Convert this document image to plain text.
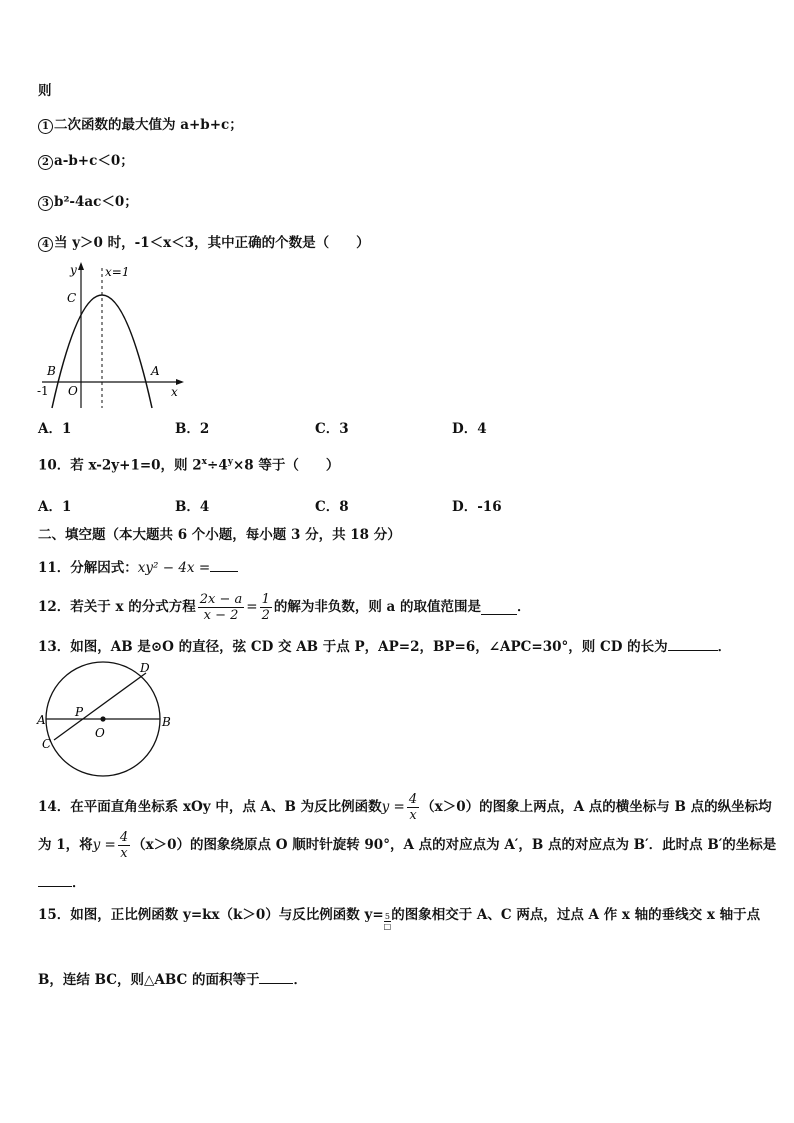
则
1 二次函数的最大值为 a+b+c；
2 a-b+c＜0；
3 b²-4ac＜0；
4 当 y＞0 时，-1＜x＜3，其中正确的个数是（　　）
y x=1
C
B	A
O
-1	x
A．1	B．2	C．3	D．4
10．若 x-2y+1=0，则 $2^x\div 4^y\times 8$ 等于（　　）
A．1	B．4	C．8	D．-16
二、填空题（本大题共 6 个小题，每小题 3 分，共 18 分）
11．分解因式：xy² − 4x =
12．若关于 x 的分式方程 $\frac{2x - a}{x - 2} = \frac{1}{2}$ 的解为非负数，则 a 的取值范围是	．
13．如图，AB 是⊙O 的直径，弦 CD 交 AB 于点 P，AP=2，BP=6，∠APC=30°，则 CD 的长为	．
A	B
C
D
P
O
14．在平面直角坐标系 xOy 中，点 A、B 为反比例函数 $y = \frac{4}{x} (x>0)$的图象上两点，A 点的横坐标与 B 点的纵坐标均
为 1，将 $y = \frac{4}{x} (x>0)$的图象绕原点 O 顺时针旋转 90°，A 点的对应点为 A′，B 点的对应点为 B′．此时点 B′的坐标是
．
15．如图，正比例函数 y=kx（k＞0）与反比例函数 y= 5
□
的图象相交于 A、C 两点，过点 A 作 x 轴的垂线交 x 轴于点
B，连结 BC，则△ABC 的面积等于	．
